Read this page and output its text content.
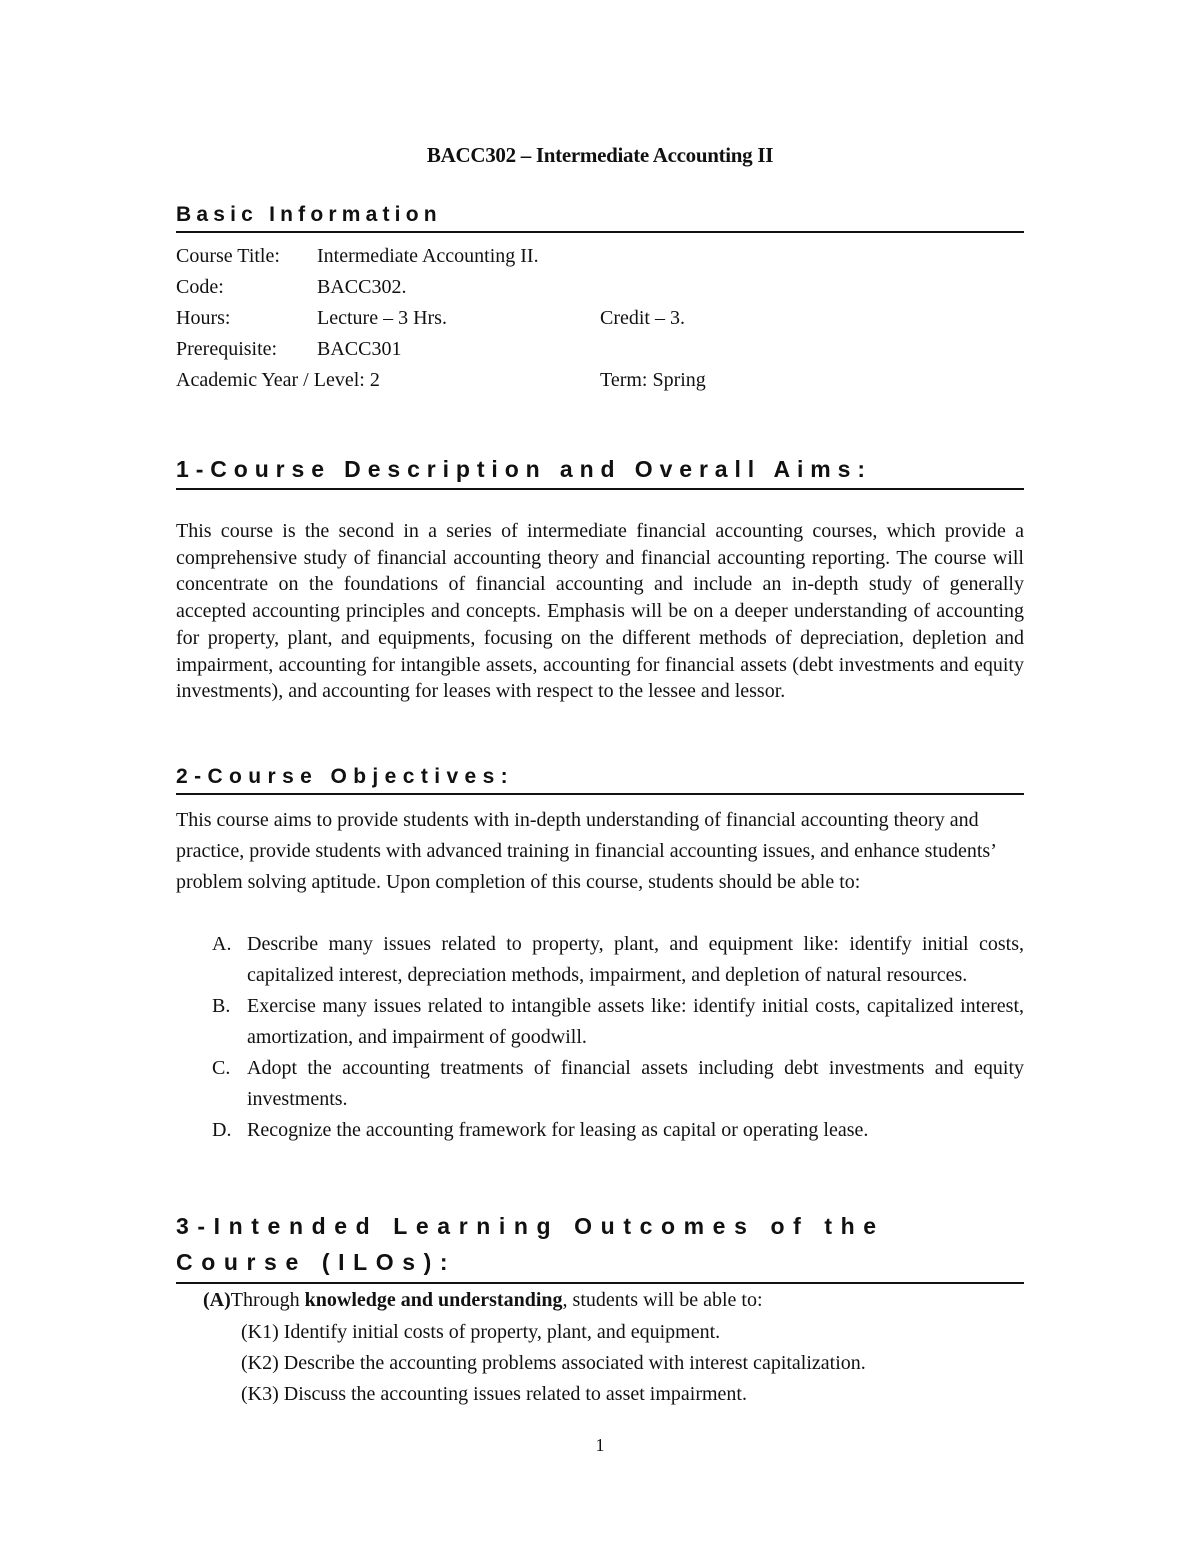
BACC302 – Intermediate Accounting II
Basic Information
Course Title: Intermediate Accounting II.
Code:	BACC302.
Hours:	Lecture – 3 Hrs.	Credit – 3.
Prerequisite: BACC301
Academic Year / Level: 2	Term: Spring
1-Course Description and Overall Aims:

This course is the second in a series of intermediate financial accounting courses, which provide a comprehensive study of financial accounting theory and financial accounting reporting. The course will concentrate on the foundations of financial accounting and include an in-depth study of generally accepted accounting principles and concepts. Emphasis will be on a deeper understanding of accounting for property, plant, and equipments, focusing on the different methods of depreciation, depletion and impairment, accounting for intangible assets, accounting for financial assets (debt investments and equity investments), and accounting for leases with respect to the lessee and lessor.

2-Course Objectives:

This course aims to provide students with in-depth understanding of financial accounting theory and practice, provide students with advanced training in financial accounting issues, and enhance students’ problem solving aptitude. Upon completion of this course, students should be able to:

A. Describe many issues related to property, plant, and equipment like: identify initial costs, capitalized interest, depreciation methods, impairment, and depletion of natural resources.
B. Exercise many issues related to intangible assets like: identify initial costs, capitalized interest, amortization, and impairment of goodwill.
C. Adopt the accounting treatments of financial assets including debt investments and equity investments.
D. Recognize the accounting framework for leasing as capital or operating lease.
3-Intended Learning Outcomes of the Course (ILOs):
(A)Through knowledge and understanding, students will be able to:
(K1) Identify initial costs of property, plant, and equipment.
(K2) Describe the accounting problems associated with interest capitalization.
(K3) Discuss the accounting issues related to asset impairment.
1
